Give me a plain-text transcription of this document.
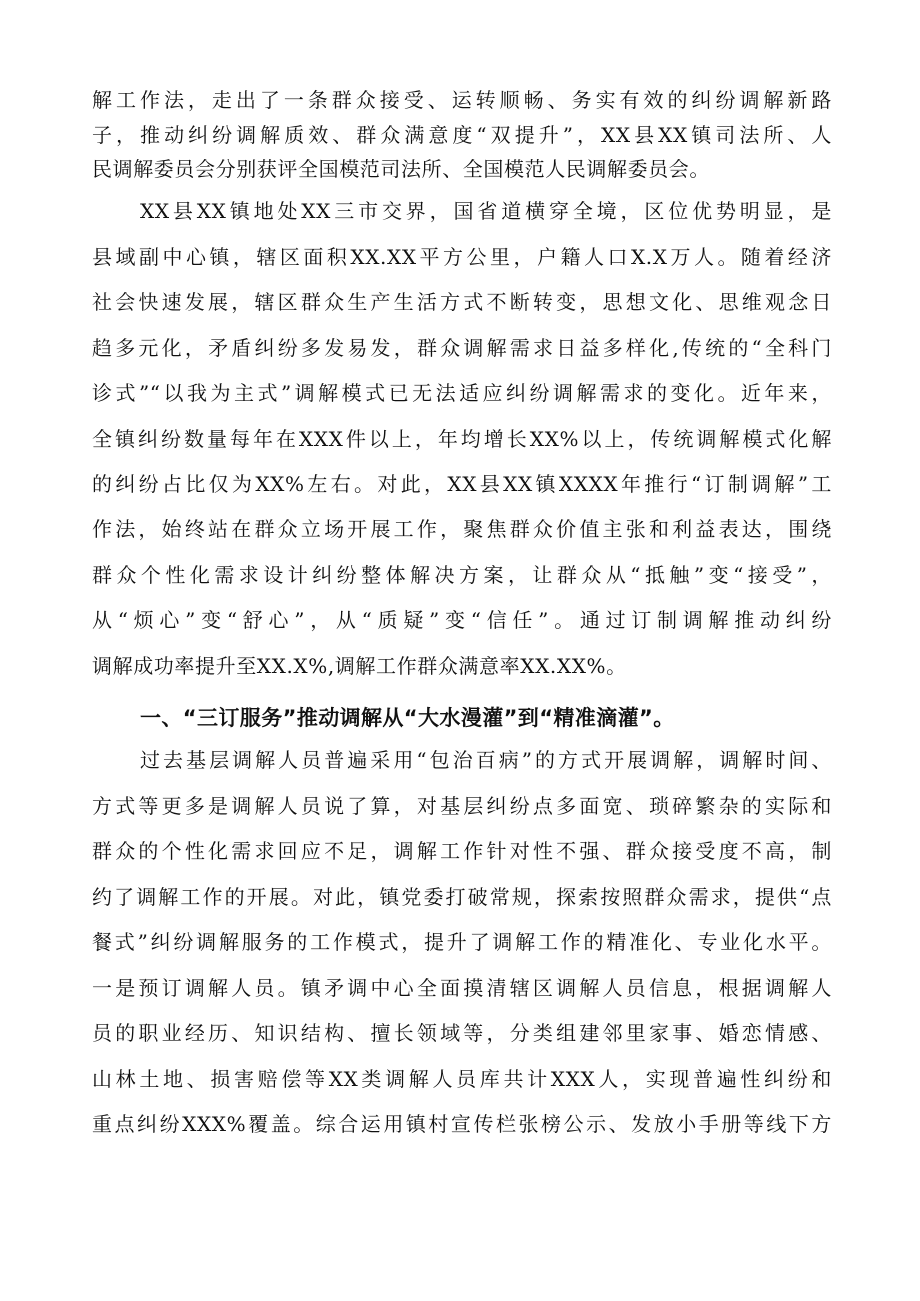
解工作法，走出了一条群众接受、运转顺畅、务实有效的纠纷调解新路
子，推动纠纷调解质效、群众满意度“双提升”，XX县XX镇司法所、人
民调解委员会分别获评全国模范司法所、全国模范人民调解委员会。
XX县XX镇地处XX三市交界，国省道横穿全境，区位优势明显，是
县域副中心镇，辖区面积XX.XX平方公里，户籍人口X.X万人。随着经济
社会快速发展，辖区群众生产生活方式不断转变，思想文化、思维观念日
趋多元化，矛盾纠纷多发易发，群众调解需求日益多样化,传统的“全科门
诊式”“以我为主式”调解模式已无法适应纠纷调解需求的变化。近年来，
全镇纠纷数量每年在XXX件以上，年均增长XX%以上，传统调解模式化解
的纠纷占比仅为XX%左右。对此，XX县XX镇XXXX年推行“订制调解”工
作法，始终站在群众立场开展工作，聚焦群众价值主张和利益表达，围绕
群众个性化需求设计纠纷整体解决方案，让群众从“抵触”变“接受”，
从“烦心”变“舒心”，从“质疑”变“信任”。通过订制调解推动纠纷
调解成功率提升至XX.X%,调解工作群众满意率XX.XX%。
一、“三订服务”推动调解从“大水漫灌”到“精准滴灌”。
过去基层调解人员普遍采用“包治百病”的方式开展调解，调解时间、
方式等更多是调解人员说了算，对基层纠纷点多面宽、琐碎繁杂的实际和
群众的个性化需求回应不足，调解工作针对性不强、群众接受度不高，制
约了调解工作的开展。对此，镇党委打破常规，探索按照群众需求，提供“点
餐式”纠纷调解服务的工作模式，提升了调解工作的精准化、专业化水平。
一是预订调解人员。镇矛调中心全面摸清辖区调解人员信息，根据调解人
员的职业经历、知识结构、擅长领域等，分类组建邻里家事、婚恋情感、
山林土地、损害赔偿等XX类调解人员库共计XXX人，实现普遍性纠纷和
重点纠纷XXX%覆盖。综合运用镇村宣传栏张榜公示、发放小手册等线下方
